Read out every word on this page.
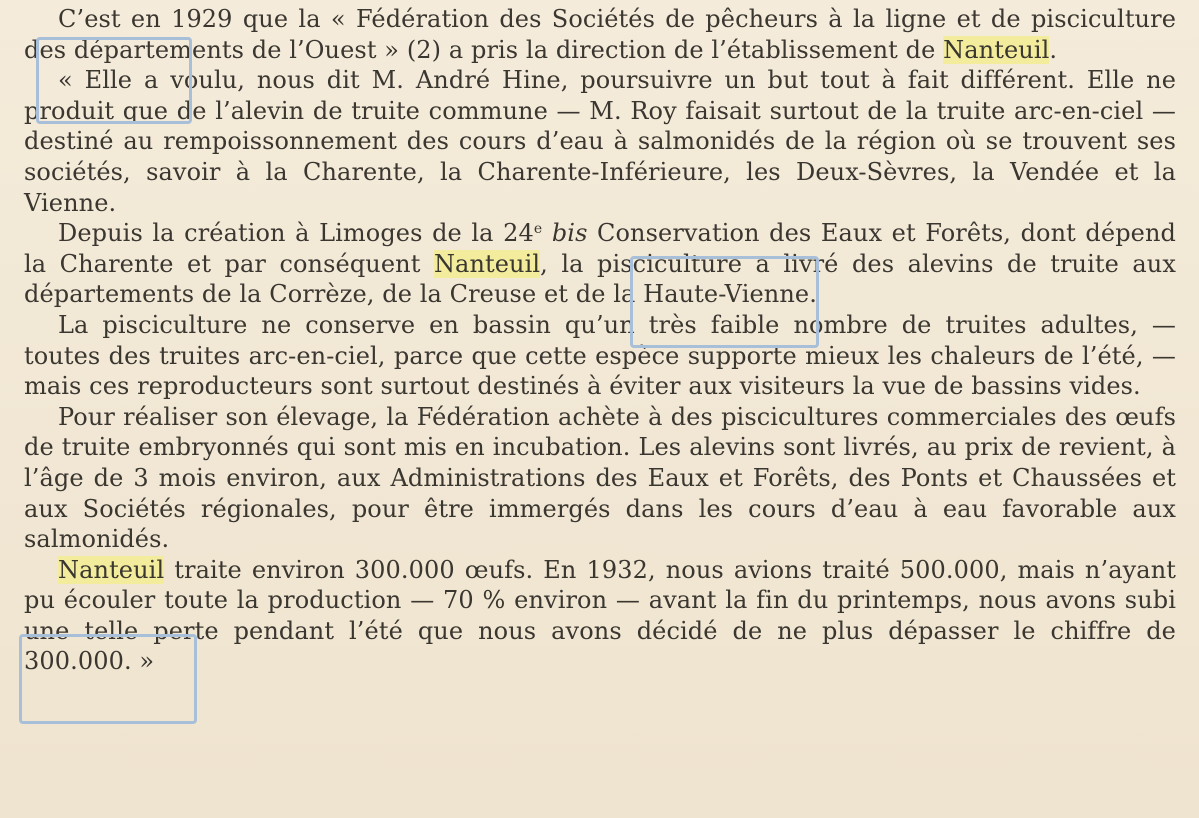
C’est en 1929 que la « Fédération des Sociétés de pêcheurs à la ligne et de pisciculture des départements de l’Ouest » (2) a pris la direction de l’établissement de Nanteuil.

« Elle a voulu, nous dit M. André Hine, poursuivre un but tout à fait différent. Elle ne produit que de l’alevin de truite commune — M. Roy faisait surtout de la truite arc-en-ciel — destiné au rempoissonnement des cours d’eau à salmonidés de la région où se trouvent ses sociétés, savoir à la Charente, la Charente-Inférieure, les Deux-Sèvres, la Vendée et la Vienne.

Depuis la création à Limoges de la 24e bis Conservation des Eaux et Forêts, dont dépend la Charente et par conséquent Nanteuil, la pisciculture a livré des alevins de truite aux départements de la Corrèze, de la Creuse et de la Haute-Vienne.

La pisciculture ne conserve en bassin qu’un très faible nombre de truites adultes, — toutes des truites arc-en-ciel, parce que cette espèce supporte mieux les chaleurs de l’été, — mais ces reproducteurs sont surtout destinés à éviter aux visiteurs la vue de bassins vides.

Pour réaliser son élevage, la Fédération achète à des piscicultures commerciales des œufs de truite embryonnés qui sont mis en incubation. Les alevins sont livrés, au prix de revient, à l’âge de 3 mois environ, aux Administrations des Eaux et Forêts, des Ponts et Chaussées et aux Sociétés régionales, pour être immergés dans les cours d’eau à eau favorable aux salmonidés.

Nanteuil traite environ 300.000 œufs. En 1932, nous avions traité 500.000, mais n’ayant pu écouler toute la production — 70 % environ — avant la fin du printemps, nous avons subi une telle perte pendant l’été que nous avons décidé de ne plus dépasser le chiffre de 300.000. »
